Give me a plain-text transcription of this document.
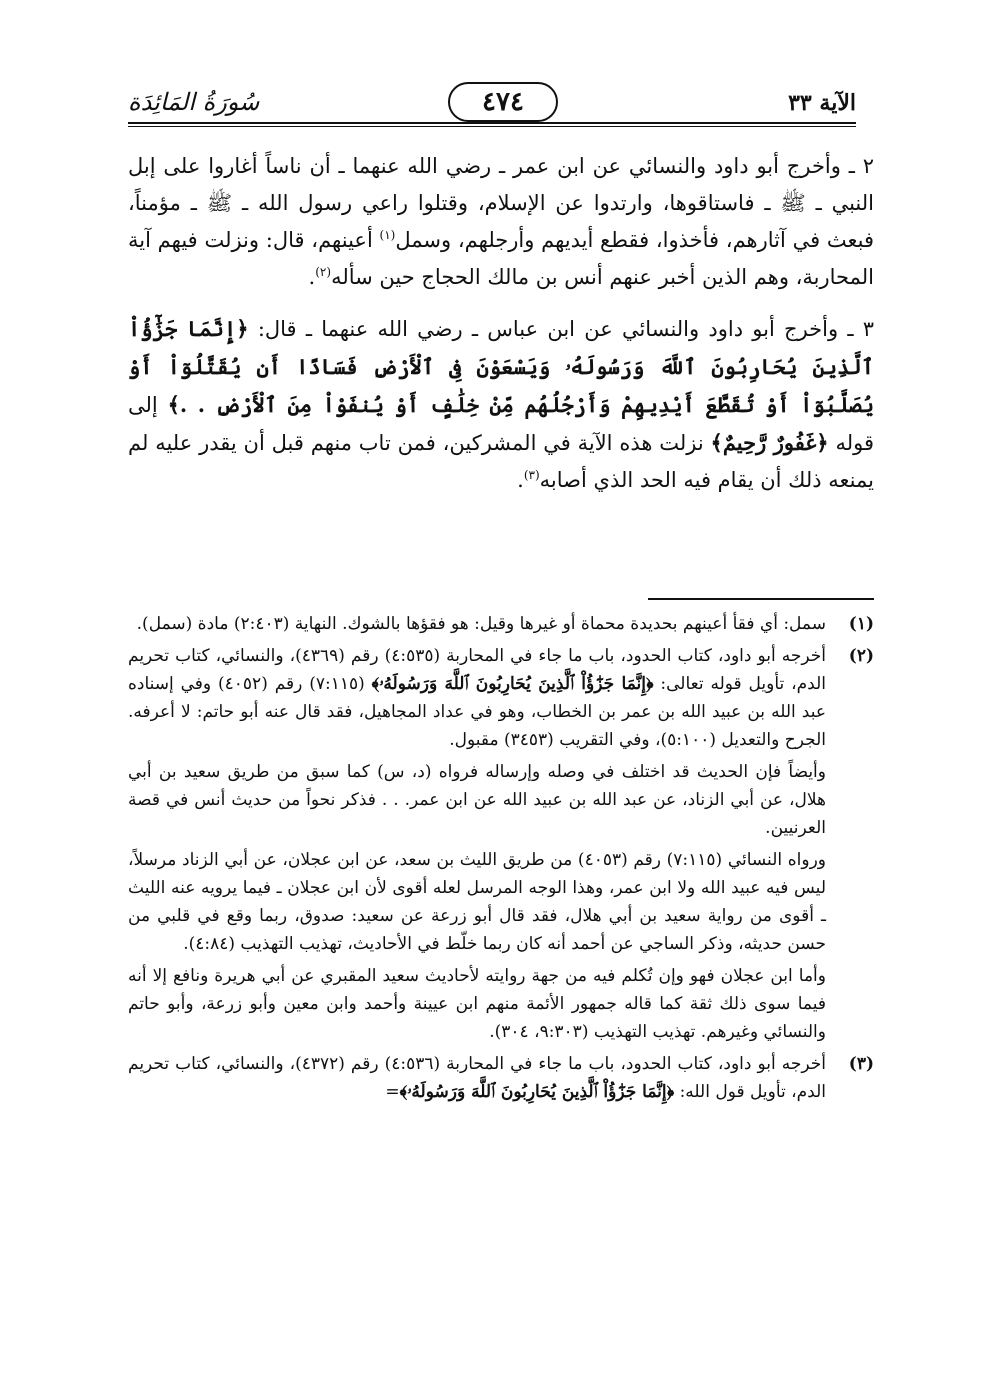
الآية ٣٣
٤٧٤
سُورَةُ المَائِدَة

٢ ـ وأخرج أبو داود والنسائي عن ابن عمر ـ رضي الله عنهما ـ أن ناساً أغاروا على إبل النبي ـ ﷺ ـ فاستاقوها، وارتدوا عن الإسلام، وقتلوا راعي رسول الله ـ ﷺ ـ مؤمناً، فبعث في آثارهم، فأخذوا، فقطع أيديهم وأرجلهم، وسمل$^{(١)}$ أعينهم، قال: ونزلت فيهم آية المحاربة، وهم الذين أخبر عنهم أنس بن مالك الحجاج حين سأله$^{(٢)}$.

٣ ـ وأخرج أبو داود والنسائي عن ابن عباس ـ رضي الله عنهما ـ قال: ﴿إِنَّمَا جَزَٰٓؤُاْ ٱلَّذِينَ يُحَارِبُونَ ٱللَّهَ وَرَسُولَهُۥ وَيَسْعَوْنَ فِى ٱلْأَرْضِ فَسَادًا أَن يُقَتَّلُوٓاْ أَوْ يُصَلَّبُوٓاْ أَوْ تُقَطَّعَ أَيْدِيهِمْ وَأَرْجُلُهُم مِّنْ خِلَٰفٍ أَوْ يُنفَوْاْ مِنَ ٱلْأَرْضِ . .﴾ إلى قوله ﴿غَفُورٌ رَّحِيمٌ﴾ نزلت هذه الآية في المشركين، فمن تاب منهم قبل أن يقدر عليه لم يمنعه ذلك أن يقام فيه الحد الذي أصابه$^{(٣)}$.

(١)
سمل: أي فقأ أعينهم بحديدة محماة أو غيرها وقيل: هو فقؤها بالشوك. النهاية (٢:٤٠٣) مادة (سمل).
(٢)
أخرجه أبو داود، كتاب الحدود، باب ما جاء في المحاربة (٤:٥٣٥) رقم (٤٣٦٩)، والنسائي، كتاب تحريم الدم، تأويل قوله تعالى: ﴿إِنَّمَا جَزَٰٓؤُاْ ٱلَّذِينَ يُحَارِبُونَ ٱللَّهَ وَرَسُولَهُۥ﴾ (٧:١١٥) رقم (٤٠٥٢) وفي إسناده عبد الله بن عبيد الله بن عمر بن الخطاب، وهو في عداد المجاهيل، فقد قال عنه أبو حاتم: لا أعرفه. الجرح والتعديل (٥:١٠٠)، وفي التقريب (٣٤٥٣) مقبول.
وأيضاً فإن الحديث قد اختلف في وصله وإرساله فرواه (د، س) كما سبق من طريق سعيد بن أبي هلال، عن أبي الزناد، عن عبد الله بن عبيد الله عن ابن عمر. . . فذكر نحواً من حديث أنس في قصة العرنيين.
ورواه النسائي (٧:١١٥) رقم (٤٠٥٣) من طريق الليث بن سعد، عن ابن عجلان، عن أبي الزناد مرسلاً، ليس فيه عبيد الله ولا ابن عمر، وهذا الوجه المرسل لعله أقوى لأن ابن عجلان ـ فيما يرويه عنه الليث ـ أقوى من رواية سعيد بن أبي هلال، فقد قال أبو زرعة عن سعيد: صدوق، ربما وقع في قلبي من حسن حديثه، وذكر الساجي عن أحمد أنه كان ربما خلّط في الأحاديث، تهذيب التهذيب (٤:٨٤).
وأما ابن عجلان فهو وإن تُكلم فيه من جهة روايته لأحاديث سعيد المقبري عن أبي هريرة ونافع إلا أنه فيما سوى ذلك ثقة كما قاله جمهور الأئمة منهم ابن عيينة وأحمد وابن معين وأبو زرعة، وأبو حاتم والنسائي وغيرهم. تهذيب التهذيب (٩:٣٠٣، ٣٠٤).
(٣)
أخرجه أبو داود، كتاب الحدود، باب ما جاء في المحاربة (٤:٥٣٦) رقم (٤٣٧٢)، والنسائي، كتاب تحريم الدم، تأويل قول الله: ﴿إِنَّمَا جَزَٰٓؤُاْ ٱلَّذِينَ يُحَارِبُونَ ٱللَّهَ وَرَسُولَهُۥ﴾=
